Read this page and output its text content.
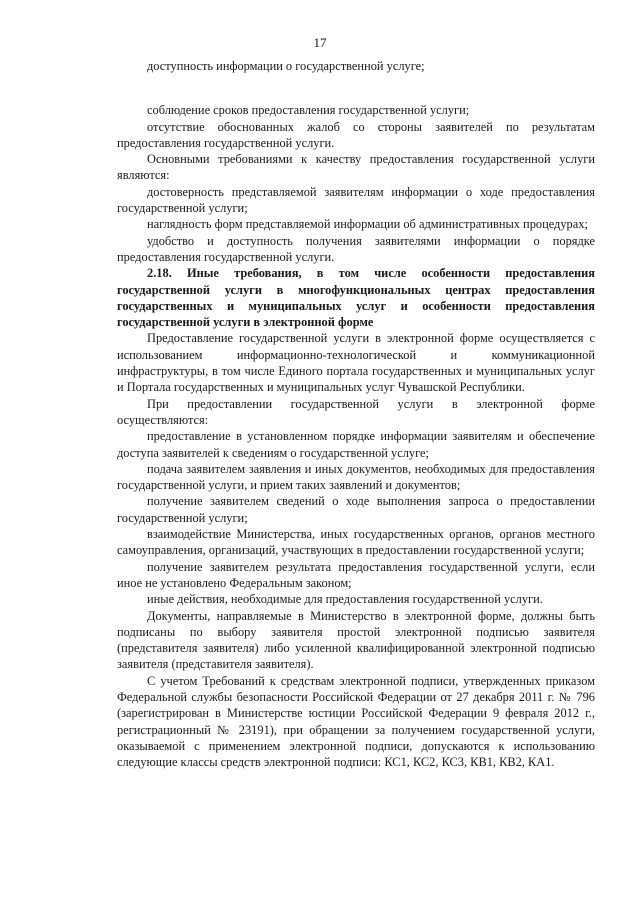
17

доступность информации о государственной услуге;

соблюдение сроков предоставления государственной услуги;

отсутствие обоснованных жалоб со стороны заявителей по результатам предоставления государственной услуги.

Основными требованиями к качеству предоставления государственной услуги являются:

достоверность представляемой заявителям информации о ходе предоставления государственной услуги;

наглядность форм представляемой информации об административных процедурах;

удобство и доступность получения заявителями информации о порядке предоставления государственной услуги.

2.18. Иные требования, в том числе особенности предоставления государственной услуги в многофункциональных центрах предоставления государственных и муниципальных услуг и особенности предоставления государственной услуги в электронной форме

Предоставление государственной услуги в электронной форме осуществляется с использованием информационно-технологической и коммуникационной инфраструктуры, в том числе Единого портала государственных и муниципальных услуг и Портала государственных и муниципальных услуг Чувашской Республики.

При предоставлении государственной услуги в электронной форме осуществляются:

предоставление в установленном порядке информации заявителям и обеспечение доступа заявителей к сведениям о государственной услуге;

подача заявителем заявления и иных документов, необходимых для предоставления государственной услуги, и прием таких заявлений и документов;

получение заявителем сведений о ходе выполнения запроса о предоставлении государственной услуги;

взаимодействие Министерства, иных государственных органов, органов местного самоуправления, организаций, участвующих в предоставлении государственной услуги;

получение заявителем результата предоставления государственной услуги, если иное не установлено Федеральным законом;

иные действия, необходимые для предоставления государственной услуги.

Документы, направляемые в Министерство в электронной форме, должны быть подписаны по выбору заявителя простой электронной подписью заявителя (представителя заявителя) либо усиленной квалифицированной электронной подписью заявителя (представителя заявителя).

С учетом Требований к средствам электронной подписи, утвержденных приказом Федеральной службы безопасности Российской Федерации от 27 декабря 2011 г. № 796 (зарегистрирован в Министерстве юстиции Российской Федерации 9 февраля 2012 г., регистрационный № 23191), при обращении за получением государственной услуги, оказываемой с применением электронной подписи, допускаются к использованию следующие классы средств электронной подписи: КС1, КС2, КС3, КВ1, КВ2, КА1.
